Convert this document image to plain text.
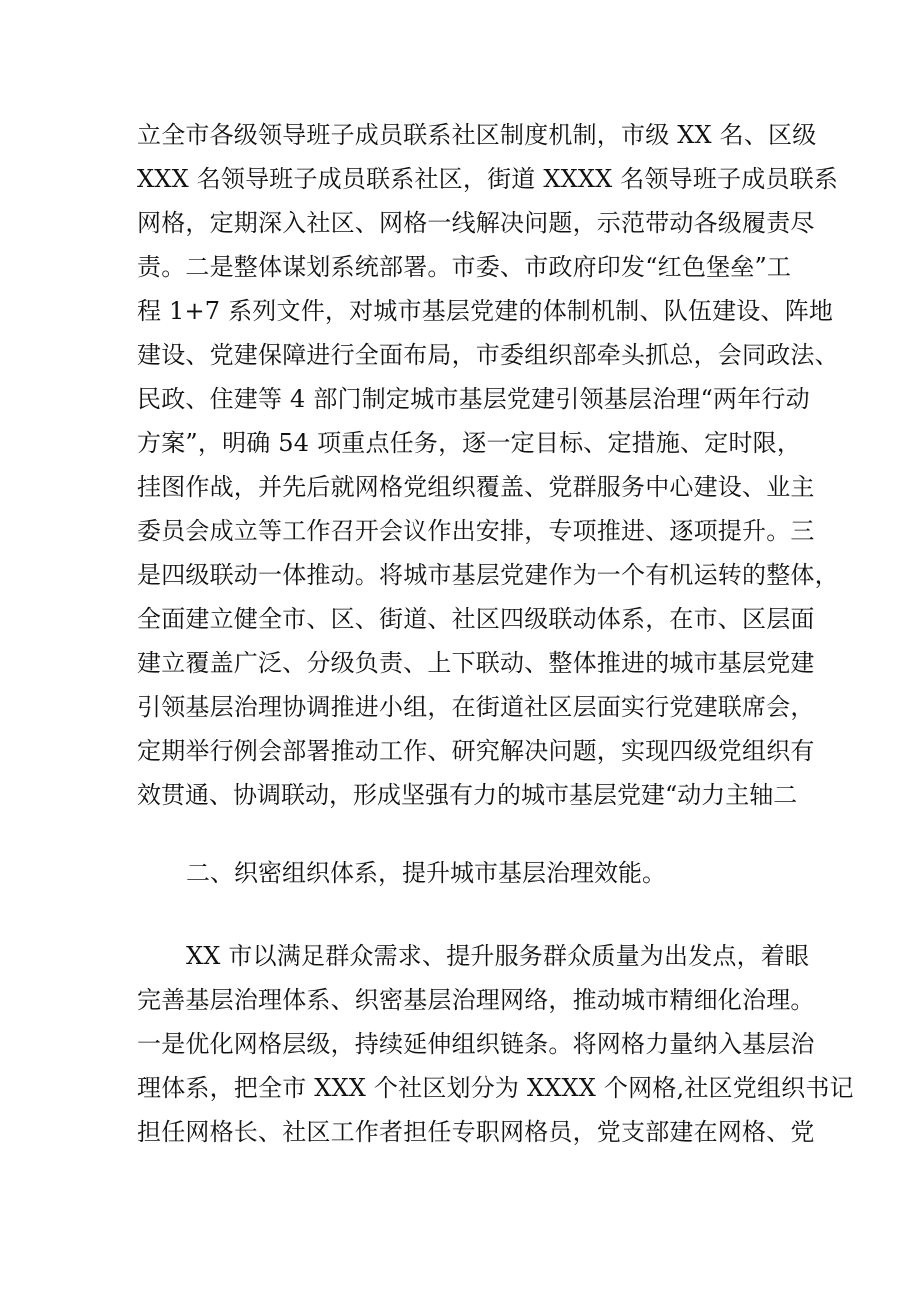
立全市各级领导班子成员联系社区制度机制，市级 XX 名、区级
XXX 名领导班子成员联系社区，街道 XXXX 名领导班子成员联系
网格，定期深入社区、网格一线解决问题，示范带动各级履责尽
责。二是整体谋划系统部署。市委、市政府印发“红色堡垒”工
程 1+7 系列文件，对城市基层党建的体制机制、队伍建设、阵地
建设、党建保障进行全面布局，市委组织部牵头抓总，会同政法、
民政、住建等 4 部门制定城市基层党建引领基层治理“两年行动
方案”，明确 54 项重点任务，逐一定目标、定措施、定时限，
挂图作战，并先后就网格党组织覆盖、党群服务中心建设、业主
委员会成立等工作召开会议作出安排，专项推进、逐项提升。三
是四级联动一体推动。将城市基层党建作为一个有机运转的整体，
全面建立健全市、区、街道、社区四级联动体系，在市、区层面
建立覆盖广泛、分级负责、上下联动、整体推进的城市基层党建
引领基层治理协调推进小组，在街道社区层面实行党建联席会，
定期举行例会部署推动工作、研究解决问题，实现四级党组织有
效贯通、协调联动，形成坚强有力的城市基层党建“动力主轴二
二、织密组织体系，提升城市基层治理效能。
XX 市以满足群众需求、提升服务群众质量为出发点，着眼
完善基层治理体系、织密基层治理网络，推动城市精细化治理。
一是优化网格层级，持续延伸组织链条。将网格力量纳入基层治
理体系，把全市 XXX 个社区划分为 XXXX 个网格,社区党组织书记
担任网格长、社区工作者担任专职网格员，党支部建在网格、党
